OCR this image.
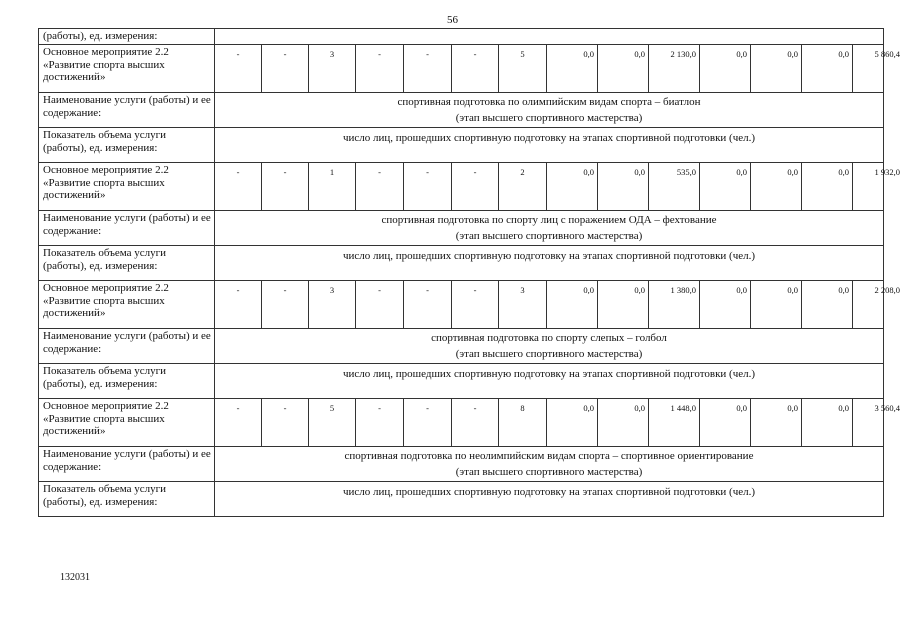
56
(работы), ед. измерения:	
Основное мероприятие 2.2 «Развитие спорта высших достижений»	
-	-	3	-	-	-	5	0,0	0,0	2 130,0	0,0	0,0	0,0	5 860,4

Наименование услуги (работы) и ее содержание:	
спортивная подготовка по олимпийским видам спорта – биатлон
(этап высшего спортивного мастерства)

Показатель объема услуги (работы), ед. измерения:	число лиц, прошедших спортивную подготовку на этапах спортивной подготовки (чел.)
Основное мероприятие 2.2 «Развитие спорта высших достижений»	
-	-	1	-	-	-	2	0,0	0,0	535,0	0,0	0,0	0,0	1 932,0

Наименование услуги (работы) и ее содержание:	
спортивная подготовка по спорту лиц с поражением ОДА – фехтование
(этап высшего спортивного мастерства)

Показатель объема услуги (работы), ед. измерения:	число лиц, прошедших спортивную подготовку на этапах спортивной подготовки (чел.)
Основное мероприятие 2.2 «Развитие спорта высших достижений»	
-	-	3	-	-	-	3	0,0	0,0	1 380,0	0,0	0,0	0,0	2 208,0

Наименование услуги (работы) и ее содержание:	
спортивная подготовка по спорту слепых – голбол
(этап высшего спортивного мастерства)

Показатель объема услуги (работы), ед. измерения:	число лиц, прошедших спортивную подготовку на этапах спортивной подготовки (чел.)
Основное мероприятие 2.2 «Развитие спорта высших достижений»	
-	-	5	-	-	-	8	0,0	0,0	1 448,0	0,0	0,0	0,0	3 560,4

Наименование услуги (работы) и ее содержание:	
спортивная подготовка по неолимпийским видам спорта – спортивное ориентирование
(этап высшего спортивного мастерства)

Показатель объема услуги (работы), ед. измерения:	число лиц, прошедших спортивную подготовку на этапах спортивной подготовки (чел.)
132031
